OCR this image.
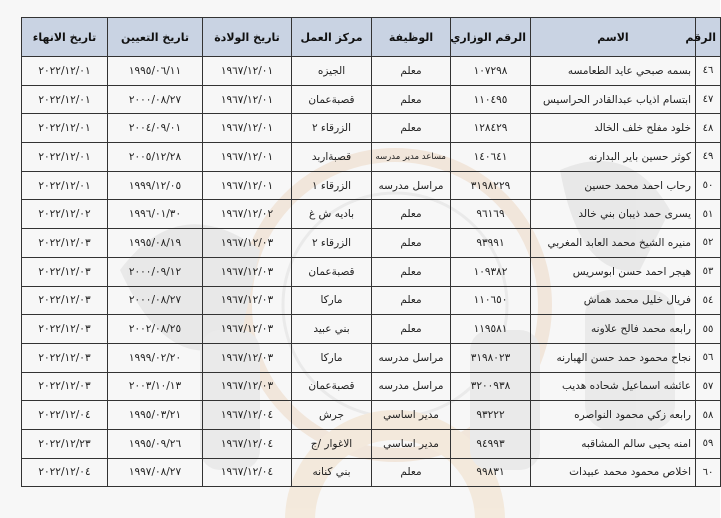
الرقم	الاسم	الرقم الوزاري	الوظيفة	مركز العمل	تاريخ الولادة	تاريخ التعيين	تاريخ الانهاء
٤٦	بسمه صبحي عايد الطعامسه	١٠٧٢٩٨	معلم	الجيزه	١٩٦٧/١٢/٠١	١٩٩٥/٠٦/١١	٢٠٢٢/١٢/٠١
٤٧	ابتسام اذياب عبدالقادر الحراسيس	١١٠٤٩٥	معلم	قصبةعمان	١٩٦٧/١٢/٠١	٢٠٠٠/٠٨/٢٧	٢٠٢٢/١٢/٠١
٤٨	خلود مفلح خلف الخالد	١٢٨٤٢٩	معلم	الزرقاء ٢	١٩٦٧/١٢/٠١	٢٠٠٤/٠٩/٠١	٢٠٢٢/١٢/٠١
٤٩	كوثر حسين باير البدارنه	١٤٠٦٤١	مساعد مدير مدرسه	قصبةاربد	١٩٦٧/١٢/٠١	٢٠٠٥/١٢/٢٨	٢٠٢٢/١٢/٠١
٥٠	رحاب احمد محمد حسين	٣١٩٨٢٢٩	مراسل مدرسه	الزرقاء ١	١٩٦٧/١٢/٠١	١٩٩٩/١٢/٠٥	٢٠٢٢/١٢/٠١
٥١	يسرى حمد ذيبان بني خالد	٩٦١٦٩	معلم	باديه ش غ	١٩٦٧/١٢/٠٢	١٩٩٦/٠١/٣٠	٢٠٢٢/١٢/٠٢
٥٢	منيره الشيخ محمد العابد المغربي	٩٣٩٩١	معلم	الزرقاء ٢	١٩٦٧/١٢/٠٣	١٩٩٥/٠٨/١٩	٢٠٢٢/١٢/٠٣
٥٣	هيجر احمد حسن ابوسريس	١٠٩٣٨٢	معلم	قصبةعمان	١٩٦٧/١٢/٠٣	٢٠٠٠/٠٩/١٢	٢٠٢٢/١٢/٠٣
٥٤	فريال خليل محمد هماش	١١٠٦٥٠	معلم	ماركا	١٩٦٧/١٢/٠٣	٢٠٠٠/٠٨/٢٧	٢٠٢٢/١٢/٠٣
٥٥	رابعه محمد فالح علاونه	١١٩٥٨١	معلم	بني عبيد	١٩٦٧/١٢/٠٣	٢٠٠٢/٠٨/٢٥	٢٠٢٢/١٢/٠٣
٥٦	نجاح محمود حمد حسن الهبارنه	٣١٩٨٠٢٣	مراسل مدرسه	ماركا	١٩٦٧/١٢/٠٣	١٩٩٩/٠٢/٢٠	٢٠٢٢/١٢/٠٣
٥٧	عائشه اسماعيل شحاده هديب	٣٢٠٠٩٣٨	مراسل مدرسه	قصبةعمان	١٩٦٧/١٢/٠٣	٢٠٠٣/١٠/١٣	٢٠٢٢/١٢/٠٣
٥٨	رابعه زكي محمود النواصره	٩٣٢٢٢	مدير اساسي	جرش	١٩٦٧/١٢/٠٤	١٩٩٥/٠٣/٢١	٢٠٢٢/١٢/٠٤
٥٩	امنه يحيى سالم المشاقبه	٩٤٩٩٣	مدير اساسي	الاغوار /ج	١٩٦٧/١٢/٠٤	١٩٩٥/٠٩/٢٦	٢٠٢٢/١٢/٢٣
٦٠	اخلاص محمود محمد عبيدات	٩٩٨٣١	معلم	بني كنانه	١٩٦٧/١٢/٠٤	١٩٩٧/٠٨/٢٧	٢٠٢٢/١٢/٠٤
